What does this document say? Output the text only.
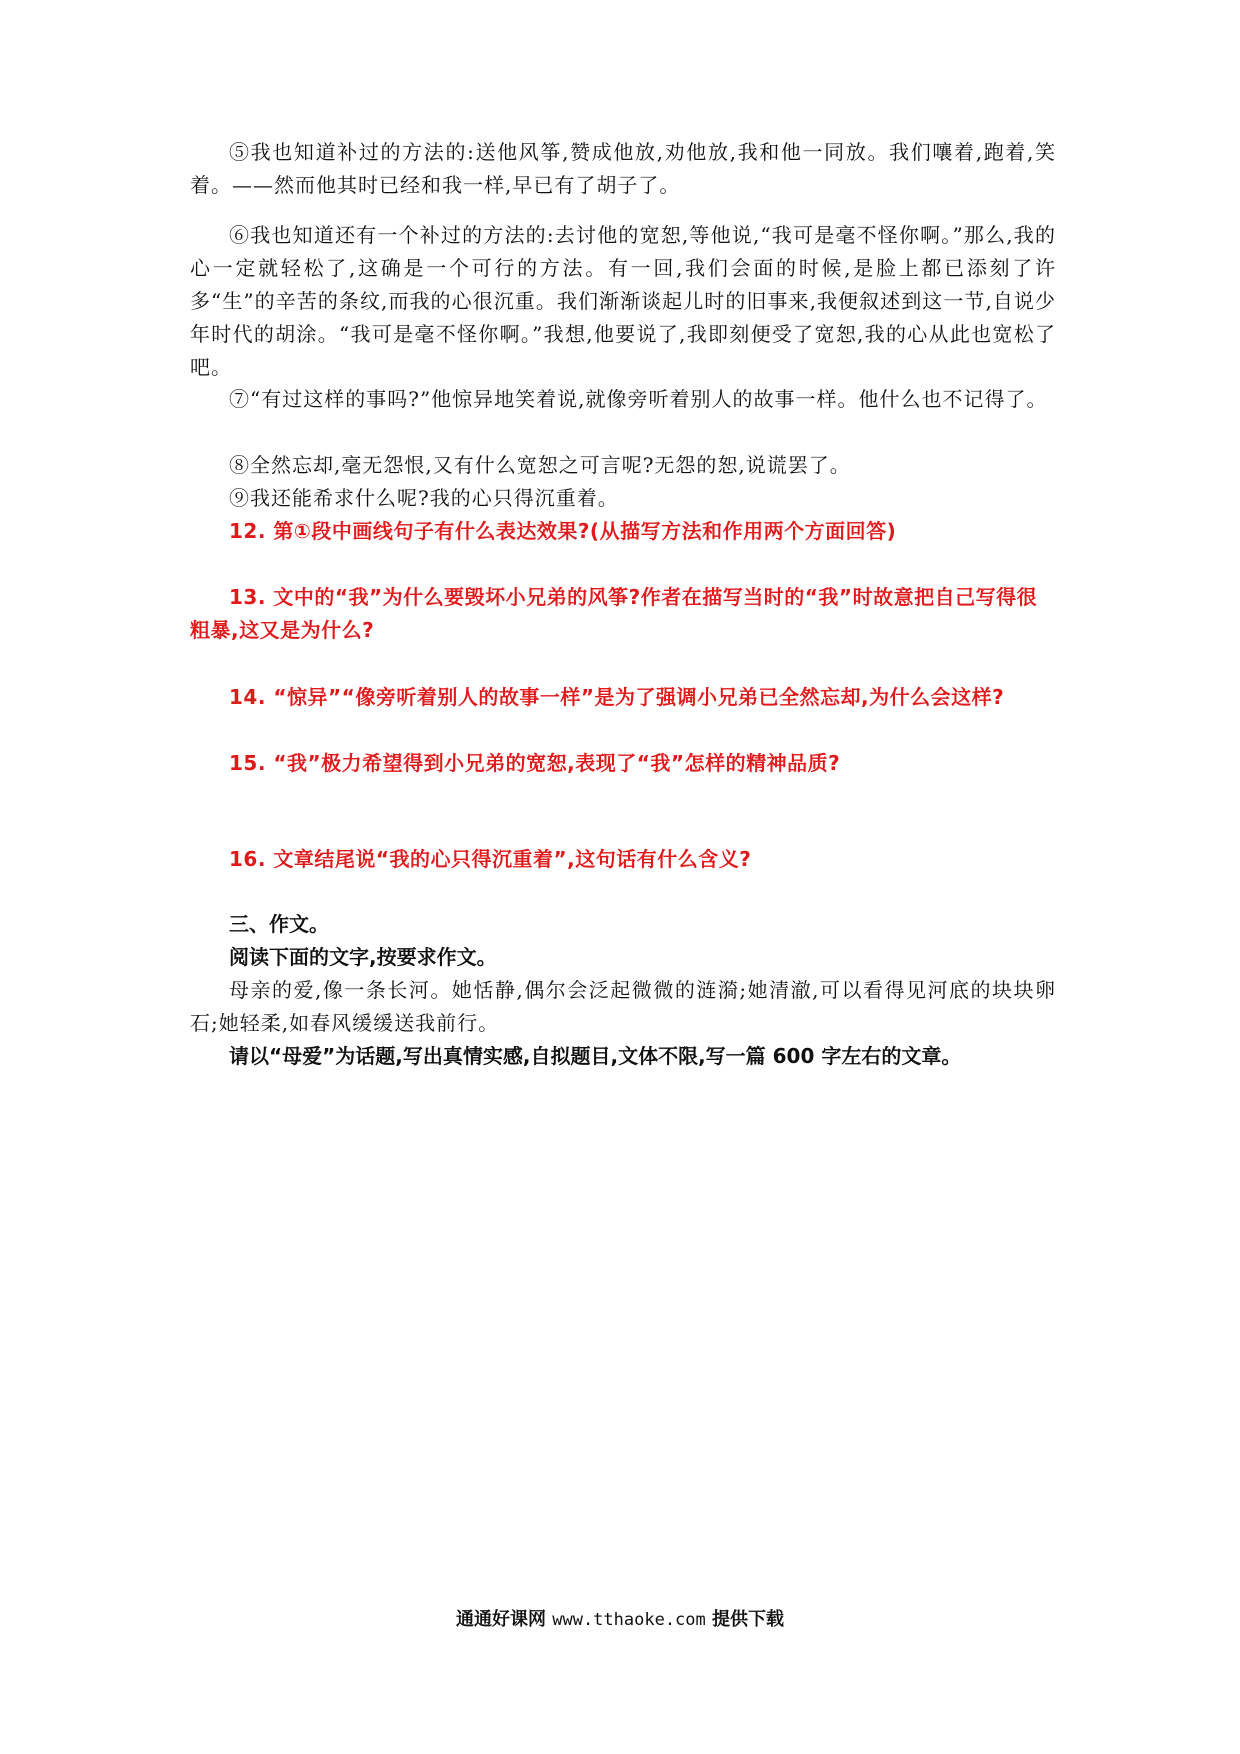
⑤我也知道补过的方法的:送他风筝,赞成他放,劝他放,我和他一同放。我们嚷着,跑着,笑着。——然而他其时已经和我一样,早已有了胡子了。

⑥我也知道还有一个补过的方法的:去讨他的宽恕,等他说,“我可是毫不怪你啊。”那么,我的心一定就轻松了,这确是一个可行的方法。有一回,我们会面的时候,是脸上都已添刻了许多“生”的辛苦的条纹,而我的心很沉重。我们渐渐谈起儿时的旧事来,我便叙述到这一节,自说少年时代的胡涂。“我可是毫不怪你啊。”我想,他要说了,我即刻便受了宽恕,我的心从此也宽松了吧。

⑦“有过这样的事吗?”他惊异地笑着说,就像旁听着别人的故事一样。他什么也不记得了。

⑧全然忘却,毫无怨恨,又有什么宽恕之可言呢?无怨的恕,说谎罢了。

⑨我还能希求什么呢?我的心只得沉重着。

12. 第①段中画线句子有什么表达效果?(从描写方法和作用两个方面回答)

13. 文中的“我”为什么要毁坏小兄弟的风筝?作者在描写当时的“我”时故意把自己写得很粗暴,这又是为什么?

14. “惊异”“像旁听着别人的故事一样”是为了强调小兄弟已全然忘却,为什么会这样?

15. “我”极力希望得到小兄弟的宽恕,表现了“我”怎样的精神品质?

16. 文章结尾说“我的心只得沉重着”,这句话有什么含义?

三、作文。

阅读下面的文字,按要求作文。

母亲的爱,像一条长河。她恬静,偶尔会泛起微微的涟漪;她清澈,可以看得见河底的块块卵石;她轻柔,如春风缓缓送我前行。

请以“母爱”为话题,写出真情实感,自拟题目,文体不限,写一篇 600 字左右的文章。

通通好课网 www.tthaoke.com 提供下载
